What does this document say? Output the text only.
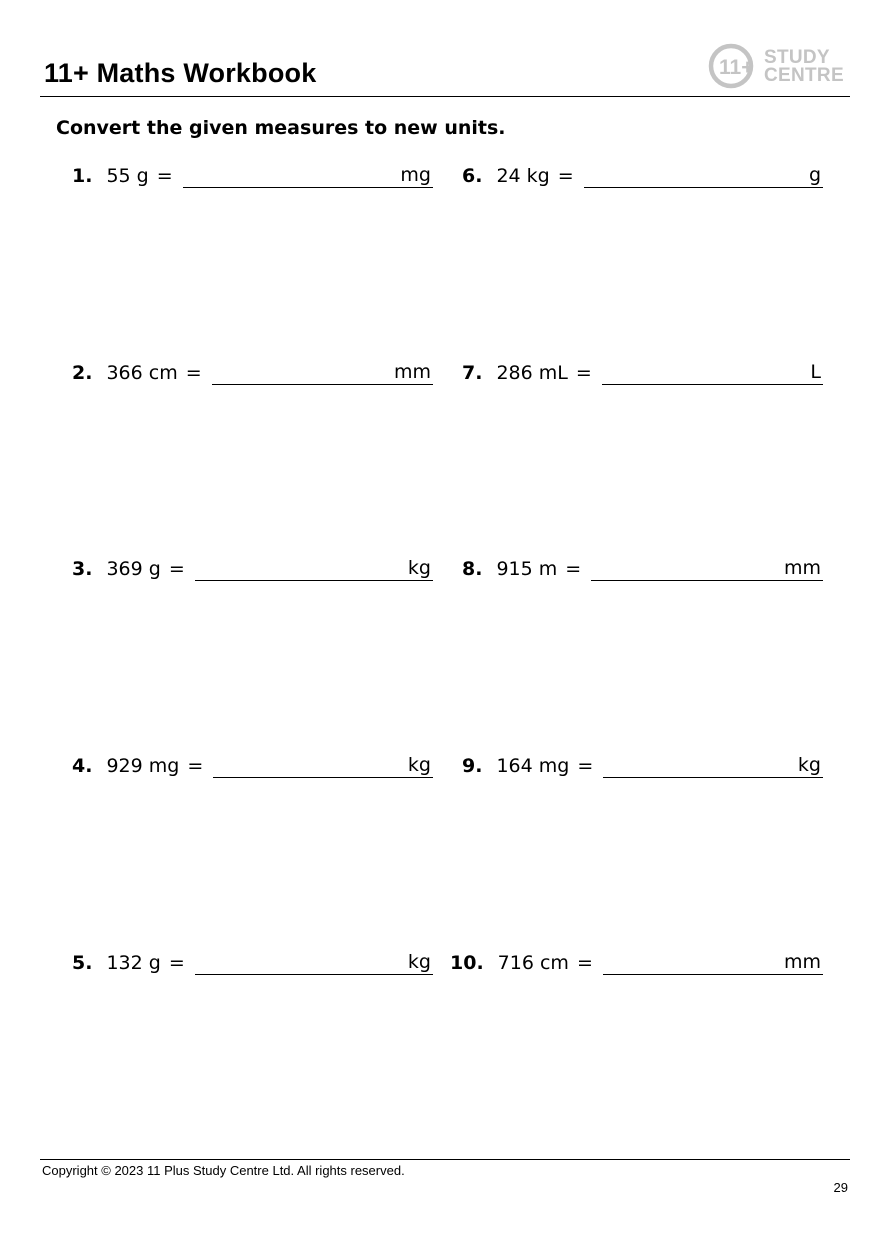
11+ Maths Workbook	11+ STUDY
CENTRE
Convert the given measures to new units.
1. 55 g =	mg
2. 366 cm =	mm
3. 369 g =	kg
4. 929 mg =	kg
5. 132 g =	kg
6. 24 kg =	g
7. 286 mL =	L
8. 915 m =	mm
9. 164 mg =	kg
10. 716 cm =	mm
Copyright © 2023 11 Plus Study Centre Ltd. All rights reserved.
29
